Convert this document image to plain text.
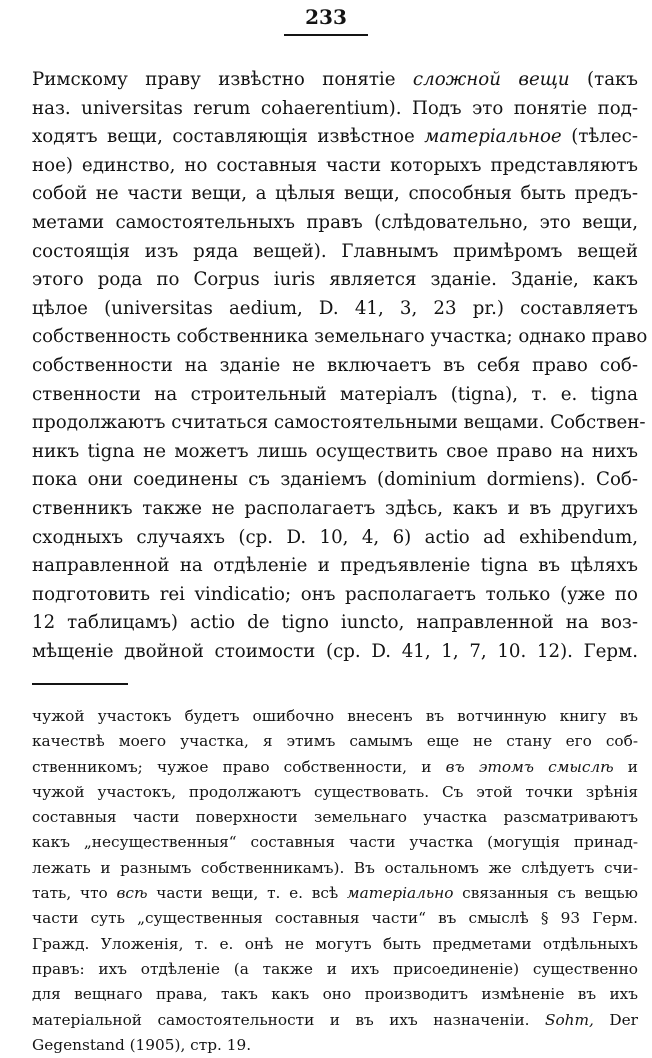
233
Римскому праву извѣстно понятіе сложной вещи (такъ
наз. universitas rerum cohaerentium). Подъ это понятіе под-
ходятъ вещи, составляющія извѣстное матеріальное (тѣлес-
ное) единство, но составныя части которыхъ представляютъ
собой не части вещи, а цѣлыя вещи, способныя быть предъ-
метами самостоятельныхъ правъ (слѣдовательно, это вещи,
состоящія изъ ряда вещей). Главнымъ примѣромъ вещей
этого рода по Corpus iuris является зданіе. Зданіе, какъ
цѣлое (universitas aedium, D. 41, 3, 23 pr.) составляетъ
собственность собственника земельнаго участка; однако право
собственности на зданіе не включаетъ въ себя право соб-
ственности на строительный матеріалъ (tigna), т. е. tigna
продолжаютъ считаться самостоятельными вещами. Собствен-
никъ tigna не можетъ лишь осуществить свое право на нихъ
пока они соединены съ зданіемъ (dominium dormiens). Соб-
ственникъ также не располагаетъ здѣсь, какъ и въ другихъ
сходныхъ случаяхъ (ср. D. 10, 4, 6) actio ad exhibendum,
направленной на отдѣленіе и предъявленіе tigna въ цѣляхъ
подготовить rei vindicatio; онъ располагаетъ только (уже по
12 таблицамъ) actio de tigno iuncto, направленной на воз-
мѣщеніе двойной стоимости (ср. D. 41, 1, 7, 10. 12). Герм.
чужой участокъ будетъ ошибочно внесенъ въ вотчинную книгу въ
качествѣ моего участка, я этимъ самымъ еще не стану его соб-
ственникомъ; чужое право собственности, и въ этомъ смыслѣ и
чужой участокъ, продолжаютъ существовать. Съ этой точки зрѣнія
составныя части поверхности земельнаго участка разсматриваютъ
какъ „несущественныя“ составныя части участка (могущія принад-
лежать и разнымъ собственникамъ). Въ остальномъ же слѣдуетъ счи-
тать, что всѣ части вещи, т. е. всѣ матеріально связанныя съ вещью
части суть „существенныя составныя части“ въ смыслѣ § 93 Герм.
Гражд. Уложенія, т. е. онѣ не могутъ быть предметами отдѣльныхъ
правъ: ихъ отдѣленіе (а также и ихъ присоединеніе) существенно
для вещнаго права, такъ какъ оно производитъ измѣненіе въ ихъ
матеріальной самостоятельности и въ ихъ назначеніи. Sohm, Der
Gegenstand (1905), стр. 19.
